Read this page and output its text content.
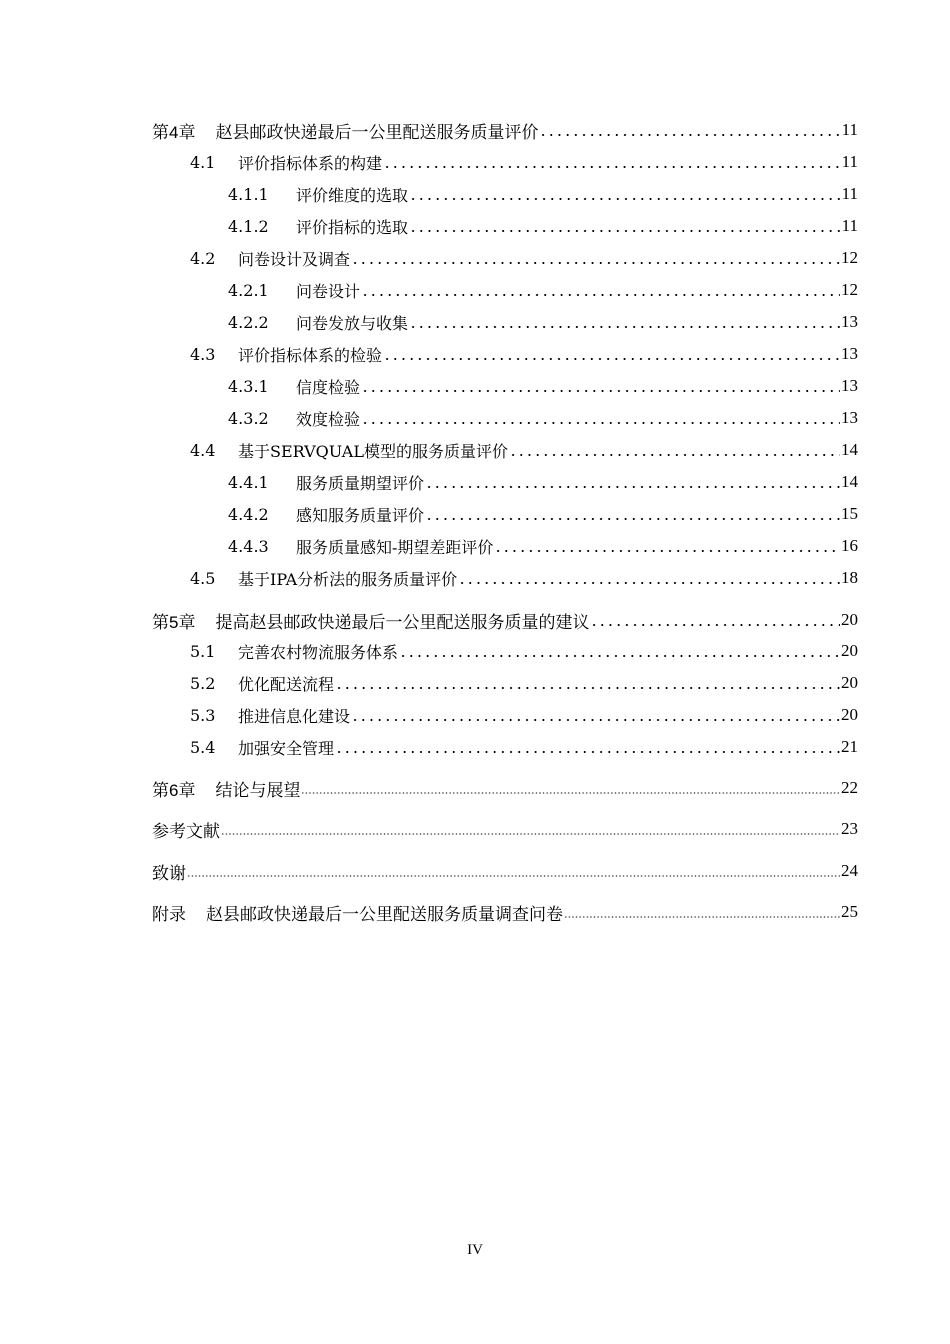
第4章 赵县邮政快递最后一公里配送服务质量评价	11
4.1	评价指标体系的构建	11
4.1.1	评价维度的选取	11
4.1.2	评价指标的选取	11
4.2	问卷设计及调查	12
4.2.1	问卷设计	12
4.2.2	问卷发放与收集	13
4.3	评价指标体系的检验	13
4.3.1	信度检验	13
4.3.2	效度检验	13
4.4	基于SERVQUAL模型的服务质量评价	14
4.4.1	服务质量期望评价	14
4.4.2	感知服务质量评价	15
4.4.3	服务质量感知-期望差距评价	16
4.5	基于IPA分析法的服务质量评价	18
第5章 提高赵县邮政快递最后一公里配送服务质量的建议	20
5.1	完善农村物流服务体系	20
5.2	优化配送流程	20
5.3	推进信息化建设	20
5.4	加强安全管理	21
第6章 结论与展望	22
参考文献	23
致谢	24
附录 赵县邮政快递最后一公里配送服务质量调查问卷	25
IV
